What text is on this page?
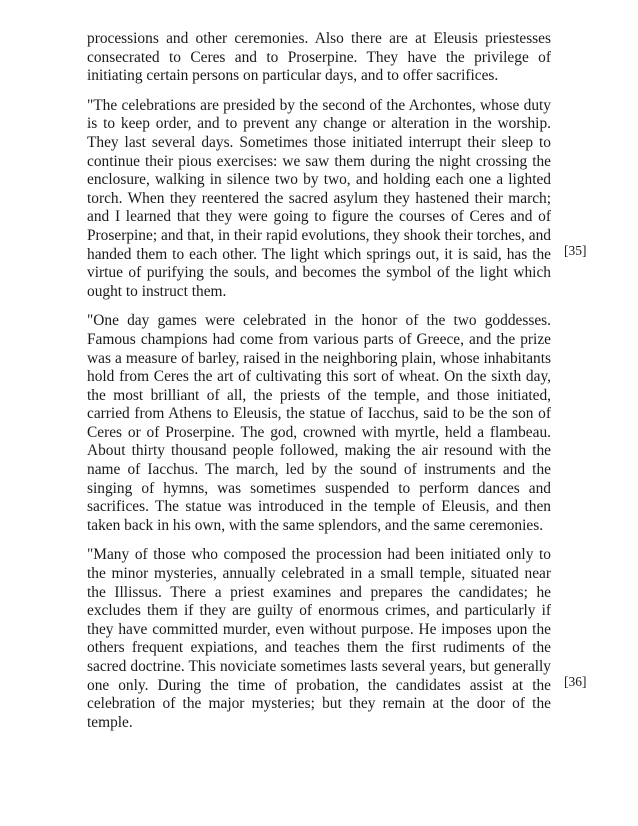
processions and other ceremonies. Also there are at Eleusis priestesses consecrated to Ceres and to Proserpine. They have the privilege of initiating certain persons on particular days, and to offer sacrifices.

"The celebrations are presided by the second of the Archontes, whose duty is to keep order, and to prevent any change or alteration in the worship. They last several days. Sometimes those initiated interrupt their sleep to continue their pious exercises: we saw them during the night crossing the enclosure, walking in silence two by two, and holding each one a lighted torch. When they reentered the sacred asylum they hastened their march; and I learned that they were going to figure the courses of Ceres and of Proserpine; and that, in their rapid evolutions, they shook their torches, and handed them to each other. The light which springs out, it is said, has the virtue of purifying the souls, and becomes the symbol of the light which ought to instruct them.

"One day games were celebrated in the honor of the two goddesses. Famous champions had come from various parts of Greece, and the prize was a measure of barley, raised in the neighboring plain, whose inhabitants hold from Ceres the art of cultivating this sort of wheat. On the sixth day, the most brilliant of all, the priests of the temple, and those initiated, carried from Athens to Eleusis, the statue of Iacchus, said to be the son of Ceres or of Proserpine. The god, crowned with myrtle, held a flambeau. About thirty thousand people followed, making the air resound with the name of Iacchus. The march, led by the sound of instruments and the singing of hymns, was sometimes suspended to perform dances and sacrifices. The statue was introduced in the temple of Eleusis, and then taken back in his own, with the same splendors, and the same ceremonies.

"Many of those who composed the procession had been initiated only to the minor mysteries, annually celebrated in a small temple, situated near the Illissus. There a priest examines and prepares the candidates; he excludes them if they are guilty of enormous crimes, and particularly if they have committed murder, even without purpose. He imposes upon the others frequent expiations, and teaches them the first rudiments of the sacred doctrine. This noviciate sometimes lasts several years, but generally one only. During the time of probation, the candidates assist at the celebration of the major mysteries; but they remain at the door of the temple.

[35]
[36]
